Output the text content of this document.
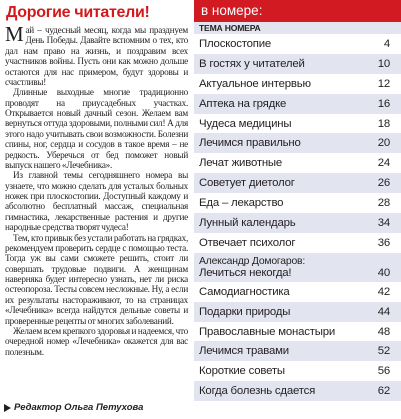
Дорогие читатели!

Май – чудесный месяц, когда мы празднуем День Победы. Давайте вспомним о тех, кто дал нам право на жизнь, и поздравим всех участников войны. Пусть они как можно дольше остаются для нас примером, будут здоровы и счастливы!

Длинные выходные многие традиционно проводят на приусадебных участках. Открывается новый дачный сезон. Желаем вам вернуться оттуда здоровыми, полными сил! А для этого надо учитывать свои возможности. Болезни спины, ног, сердца и сосудов в такое время – не редкость. Уберечься от бед поможет новый выпуск нашего «Лечебника».

Из главной темы сегодняшнего номера вы узнаете, что можно сделать для усталых больных ножек при плоскостопии. Доступный каждому и абсолютно бесплатный массаж, специальная гимнастика, лекарственные растения и другие народные средства творят чудеса!

Тем, кто привык без устали работать на грядках, рекомендуем проверить сердце с помощью теста. Тогда уж вы сами сможете решить, стоит ли совершать трудовые подвиги. А женщинам наверняка будет интересно узнать, нет ли риска остеопороза. Тесты совсем несложные. Ну, а если их результаты настораживают, то на страницах «Лечебника» всегда найдутся дельные советы и проверенные рецепты от многих заболеваний.

Желаем всем крепкого здоровья и надеемся, что очередной номер «Лечебника» окажется для вас полезным.

Редактор Ольга Петухова
в номере:
ТЕМА НОМЕРА
Плоскостопие	4
В гостях у читателей	10
Актуальное интервью	12
Аптека на грядке	16
Чудеса медицины	18
Лечимся правильно	20
Лечат животные	24
Советует диетолог	26
Еда – лекарство	28
Лунный календарь	34
Отвечает психолог	36
Александр Домогаров:
Лечиться некогда!	40
Самодиагностика	42
Подарки природы	44
Православные монастыри	48
Лечимся травами	52
Короткие советы	56
Когда болезнь сдается	62
